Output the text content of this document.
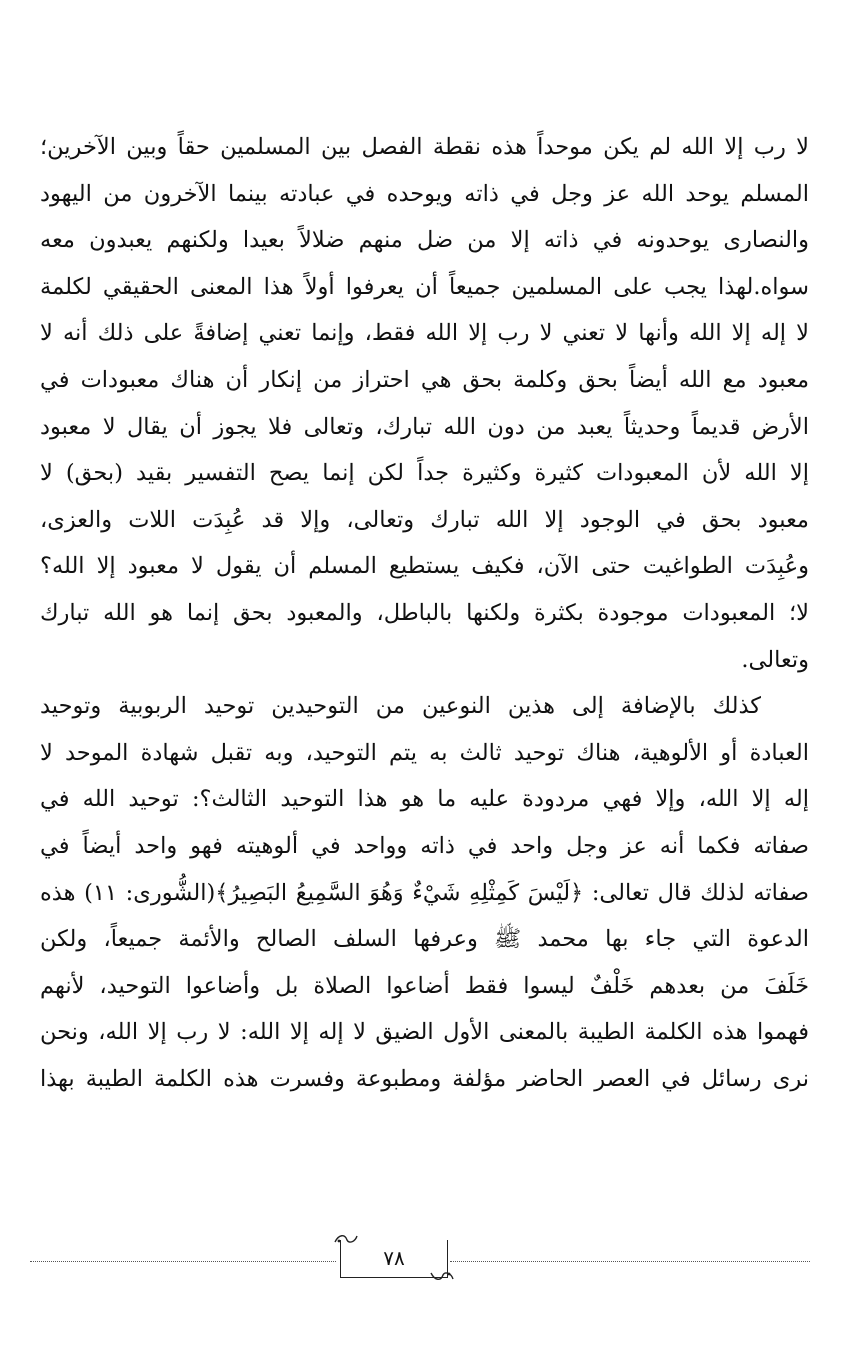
لا رب إلا الله لم يكن موحداً هذه نقطة الفصل بين المسلمين حقاً وبين الآخرين؛
المسلم يوحد الله عز وجل في ذاته ويوحده في عبادته بينما الآخرون من اليهود
والنصارى يوحدونه في ذاته إلا من ضل منهم ضلالاً بعيدا ولكنهم يعبدون معه
سواه.لهذا يجب على المسلمين جميعاً أن يعرفوا أولاً هذا المعنى الحقيقي لكلمة
لا إله إلا الله وأنها لا تعني لا رب إلا الله فقط، وإنما تعني إضافةً على ذلك أنه لا
معبود مع الله أيضاً بحق وكلمة بحق هي احتراز من إنكار أن هناك معبودات في
الأرض قديماً وحديثاً يعبد من دون الله تبارك، وتعالى فلا يجوز أن يقال لا معبود
إلا الله لأن المعبودات كثيرة وكثيرة جداً لكن إنما يصح التفسير بقيد (بحق) لا
معبود بحق في الوجود إلا الله تبارك وتعالى، وإلا قد عُبِدَت اللات والعزى،
وعُبِدَت الطواغيت حتى الآن، فكيف يستطيع المسلم أن يقول لا معبود إلا الله؟
لا؛ المعبودات موجودة بكثرة ولكنها بالباطل، والمعبود بحق إنما هو الله تبارك
وتعالى.
كذلك بالإضافة إلى هذين النوعين من التوحيدين توحيد الربوبية وتوحيد
العبادة أو الألوهية، هناك توحيد ثالث به يتم التوحيد، وبه تقبل شهادة الموحد لا
إله إلا الله، وإلا فهي مردودة عليه ما هو هذا التوحيد الثالث؟: توحيد الله في
صفاته فكما أنه عز وجل واحد في ذاته وواحد في ألوهيته فهو واحد أيضاً في
صفاته لذلك قال تعالى: ﴿لَيْسَ كَمِثْلِهِ شَيْءٌ وَهُوَ السَّمِيعُ البَصِيرُ﴾(الشُّورى: ١١) هذه
الدعوة التي جاء بها محمد ﷺ وعرفها السلف الصالح والأئمة جميعاً، ولكن
خَلَفَ من بعدهم خَلْفٌ ليسوا فقط أضاعوا الصلاة بل وأضاعوا التوحيد، لأنهم
فهموا هذه الكلمة الطيبة بالمعنى الأول الضيق لا إله إلا الله: لا رب إلا الله، ونحن
نرى رسائل في العصر الحاضر مؤلفة ومطبوعة وفسرت هذه الكلمة الطيبة بهذا
٧٨
